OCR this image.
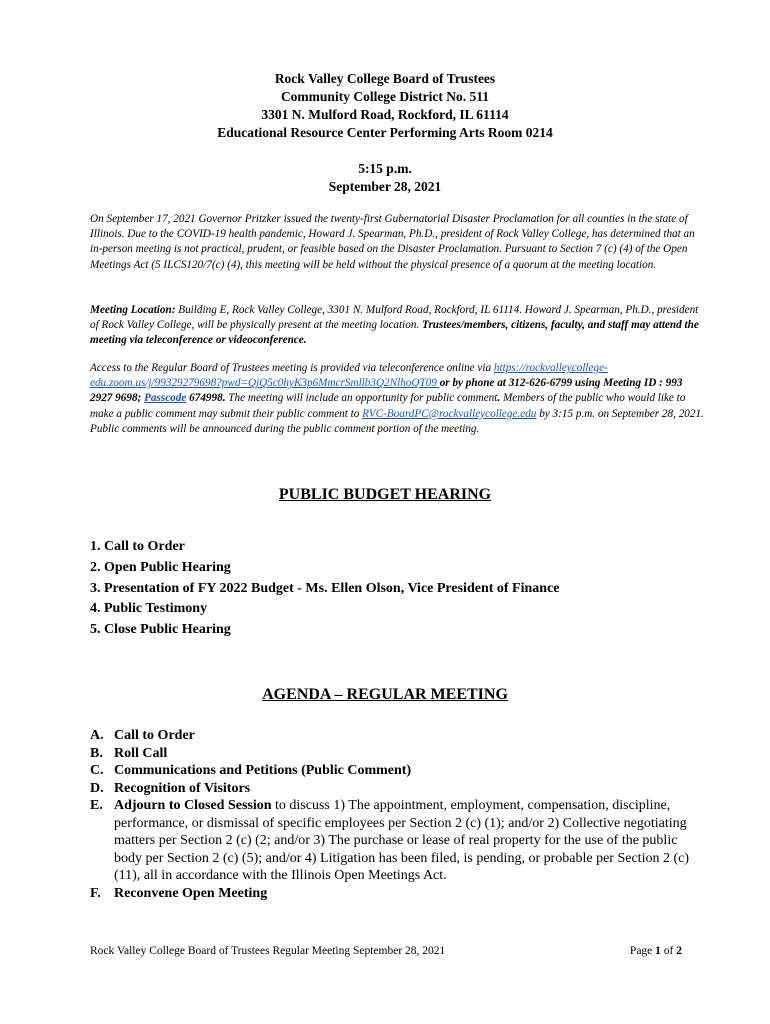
Rock Valley College Board of Trustees
Community College District No. 511
3301 N. Mulford Road, Rockford, IL 61114
Educational Resource Center Performing Arts Room 0214
5:15 p.m.
September 28, 2021
On September 17, 2021 Governor Pritzker issued the twenty-first Gubernatorial Disaster Proclamation for all counties in the state of Illinois. Due to the COVID-19 health pandemic, Howard J. Spearman, Ph.D., president of Rock Valley College, has determined that an in-person meeting is not practical, prudent, or feasible based on the Disaster Proclamation. Pursuant to Section 7 (c) (4) of the Open Meetings Act (5 ILCS120/7(c) (4), this meeting will be held without the physical presence of a quorum at the meeting location.
Meeting Location: Building E, Rock Valley College, 3301 N. Mulford Road, Rockford, IL 61114. Howard J. Spearman, Ph.D., president of Rock Valley College, will be physically present at the meeting location. Trustees/members, citizens, faculty, and staff may attend the meeting via teleconference or videoconference.
Access to the Regular Board of Trustees meeting is provided via teleconference online via https://rockvalleycollege-edu.zoom.us/j/99329279698?pwd=QjQ5c0hyK3p6MmcrSmllb3Q2NlhoQT09 or by phone at 312-626-6799 using Meeting ID : 993 2927 9698; Passcode 674998. The meeting will include an opportunity for public comment. Members of the public who would like to make a public comment may submit their public comment to RVC-BoardPC@rockvalleycollege.edu by 3:15 p.m. on September 28, 2021. Public comments will be announced during the public comment portion of the meeting.
PUBLIC BUDGET HEARING
1. Call to Order
2. Open Public Hearing
3. Presentation of FY 2022 Budget - Ms. Ellen Olson, Vice President of Finance
4. Public Testimony
5. Close Public Hearing
AGENDA – REGULAR MEETING
A. Call to Order
B. Roll Call
C. Communications and Petitions (Public Comment)
D. Recognition of Visitors
E. Adjourn to Closed Session to discuss 1) The appointment, employment, compensation, discipline, performance, or dismissal of specific employees per Section 2 (c) (1); and/or 2) Collective negotiating matters per Section 2 (c) (2; and/or 3) The purchase or lease of real property for the use of the public body per Section 2 (c) (5); and/or 4) Litigation has been filed, is pending, or probable per Section 2 (c) (11), all in accordance with the Illinois Open Meetings Act.
F. Reconvene Open Meeting
Rock Valley College Board of Trustees Regular Meeting September 28, 2021	Page 1 of 2
